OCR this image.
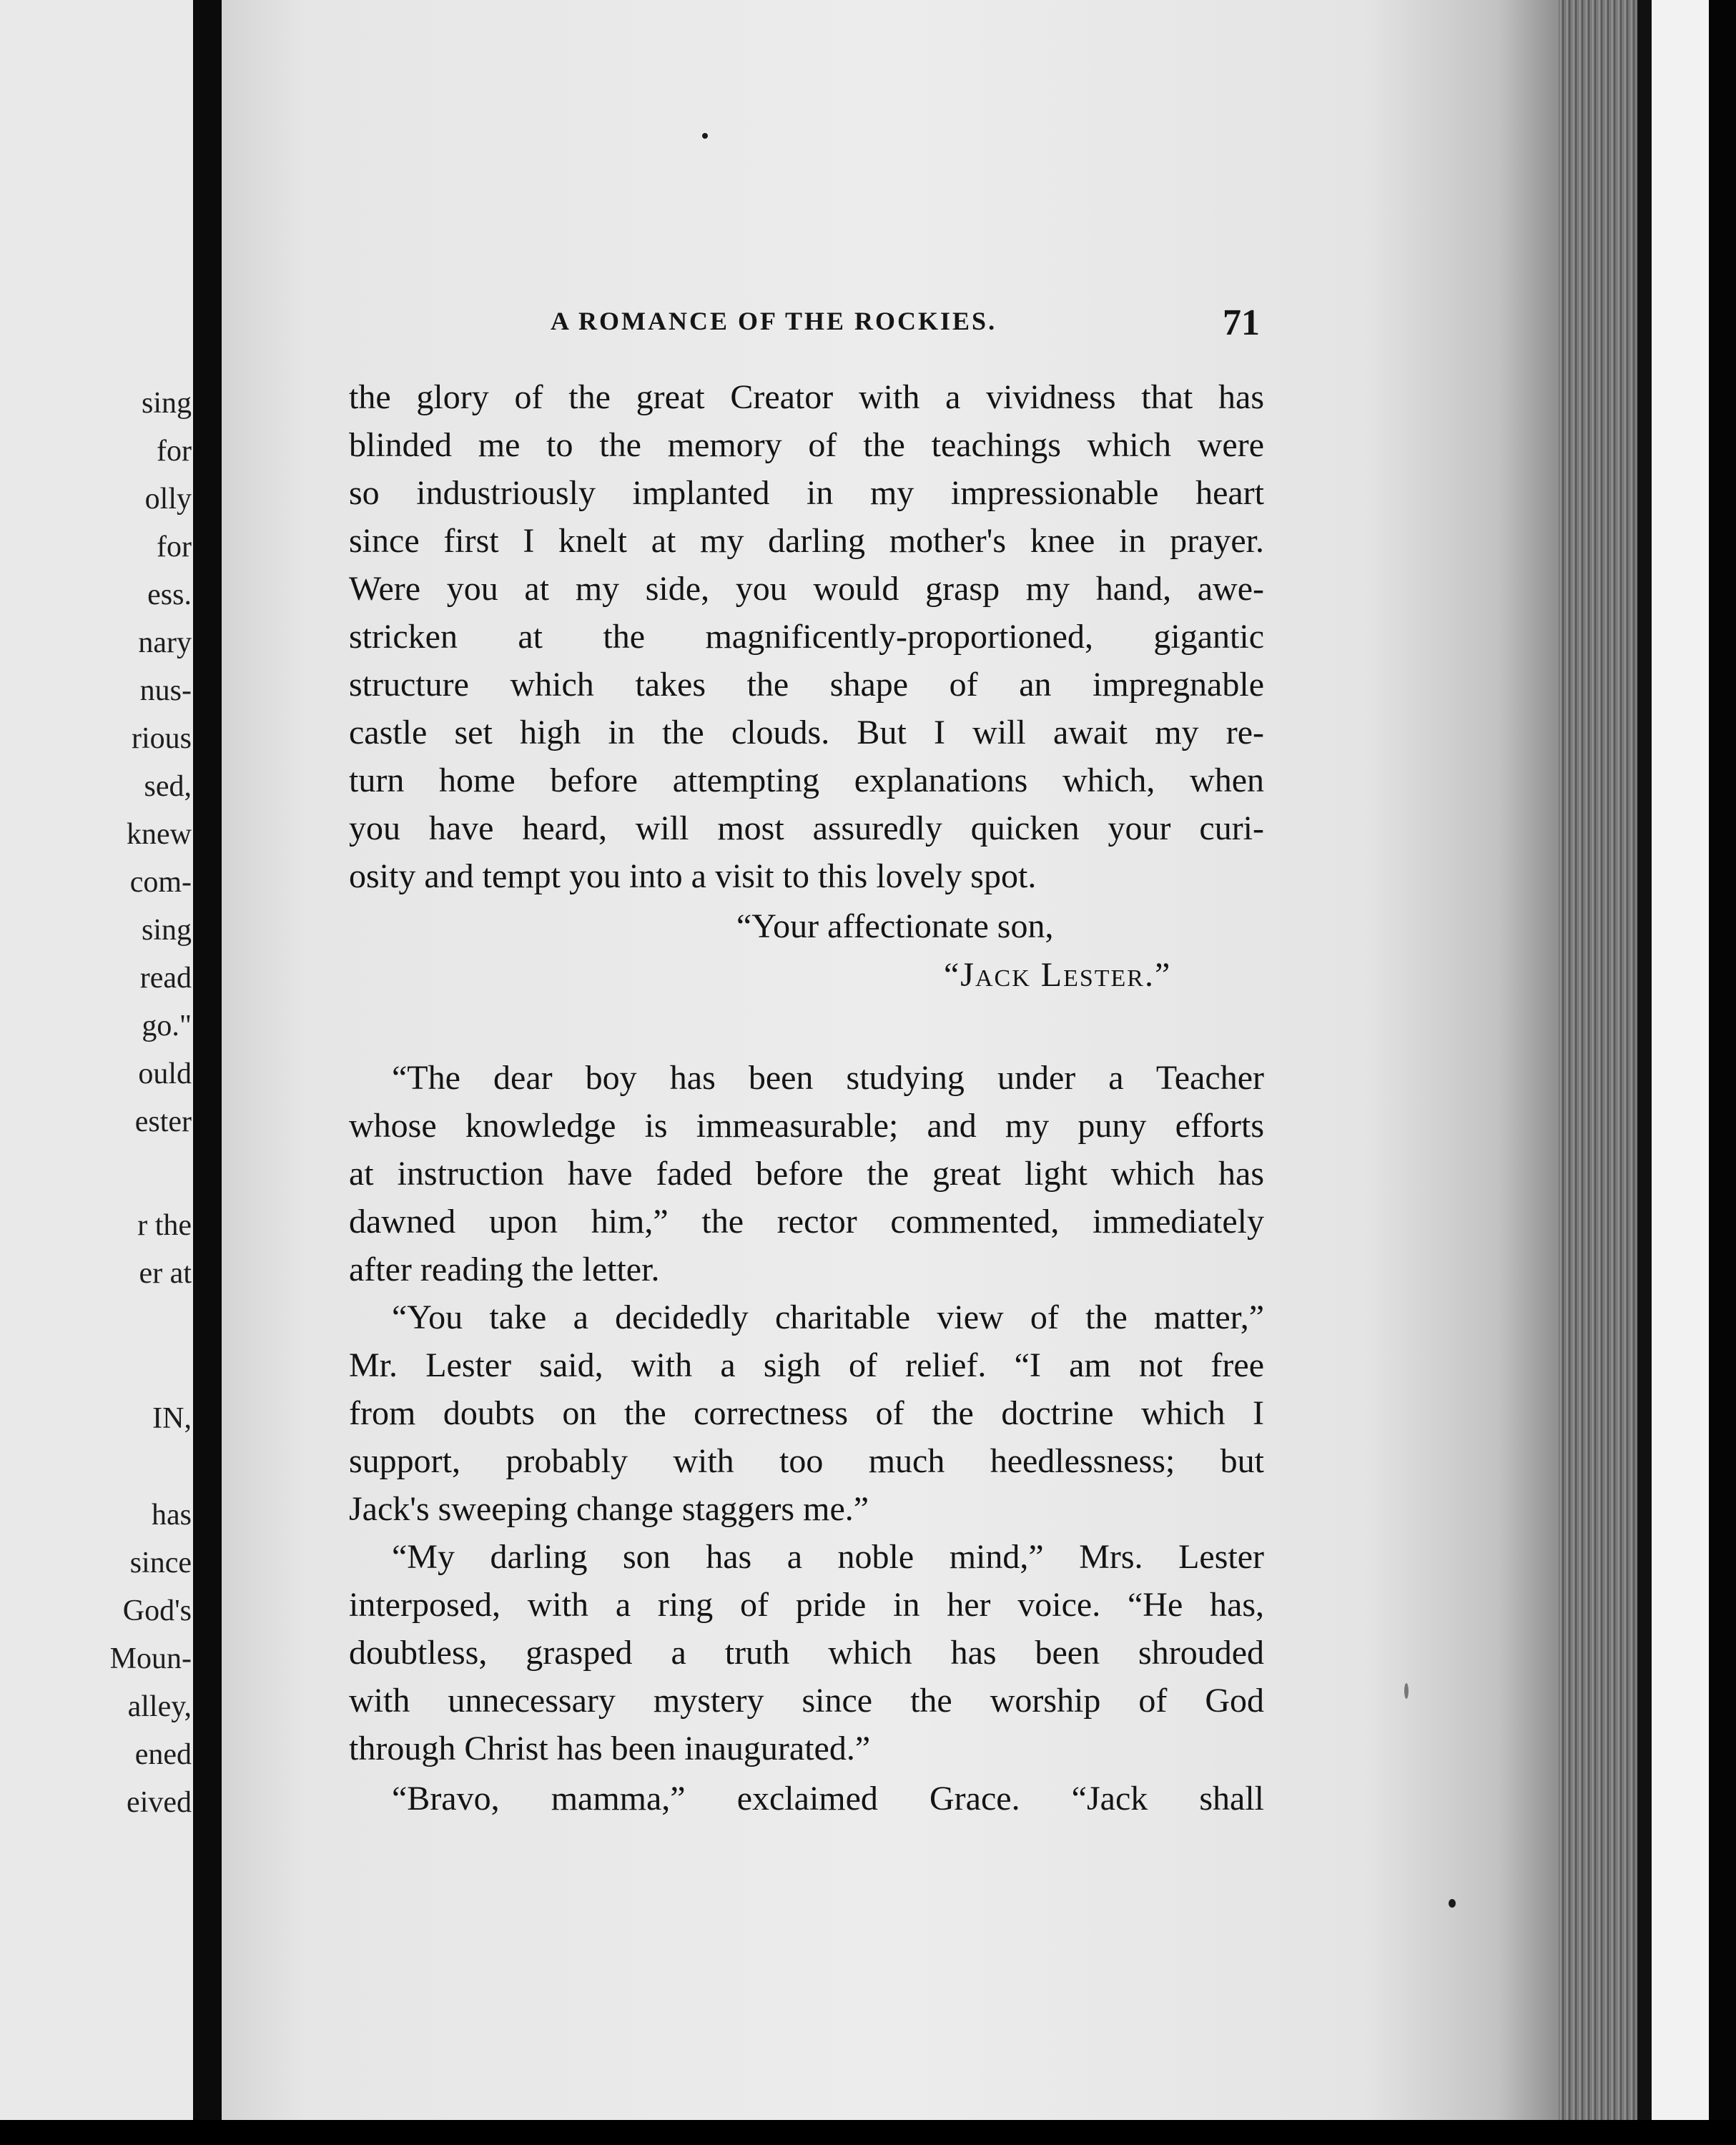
sing
for
olly
for
ess.
nary
nus-
rious
sed,
knew
com-
sing
read
go."
ould
ester
r the
er at
IN,
has
since
God's
Moun-
alley,
ened
eived
A ROMANCE OF THE ROCKIES.	71
the glory of the great Creator with a vividness that has
blinded me to the memory of the teachings which were
so industriously implanted in my impressionable heart
since first I knelt at my darling mother's knee in prayer.
Were you at my side, you would grasp my hand, awe-
stricken at the magnificently-proportioned, gigantic
structure which takes the shape of an impregnable
castle set high in the clouds. But I will await my re-
turn home before attempting explanations which, when
you have heard, will most assuredly quicken your curi-
osity and tempt you into a visit to this lovely spot.
“Your affectionate son,
“Jack Lester.”
“The dear boy has been studying under a Teacher
whose knowledge is immeasurable; and my puny efforts
at instruction have faded before the great light which has
dawned upon him,” the rector commented, immediately
after reading the letter.
“You take a decidedly charitable view of the matter,”
Mr. Lester said, with a sigh of relief. “I am not free
from doubts on the correctness of the doctrine which I
support, probably with too much heedlessness; but
Jack's sweeping change staggers me.”
“My darling son has a noble mind,” Mrs. Lester
interposed, with a ring of pride in her voice. “He has,
doubtless, grasped a truth which has been shrouded
with unnecessary mystery since the worship of God
through Christ has been inaugurated.”
“Bravo, mamma,” exclaimed Grace. “Jack shall
